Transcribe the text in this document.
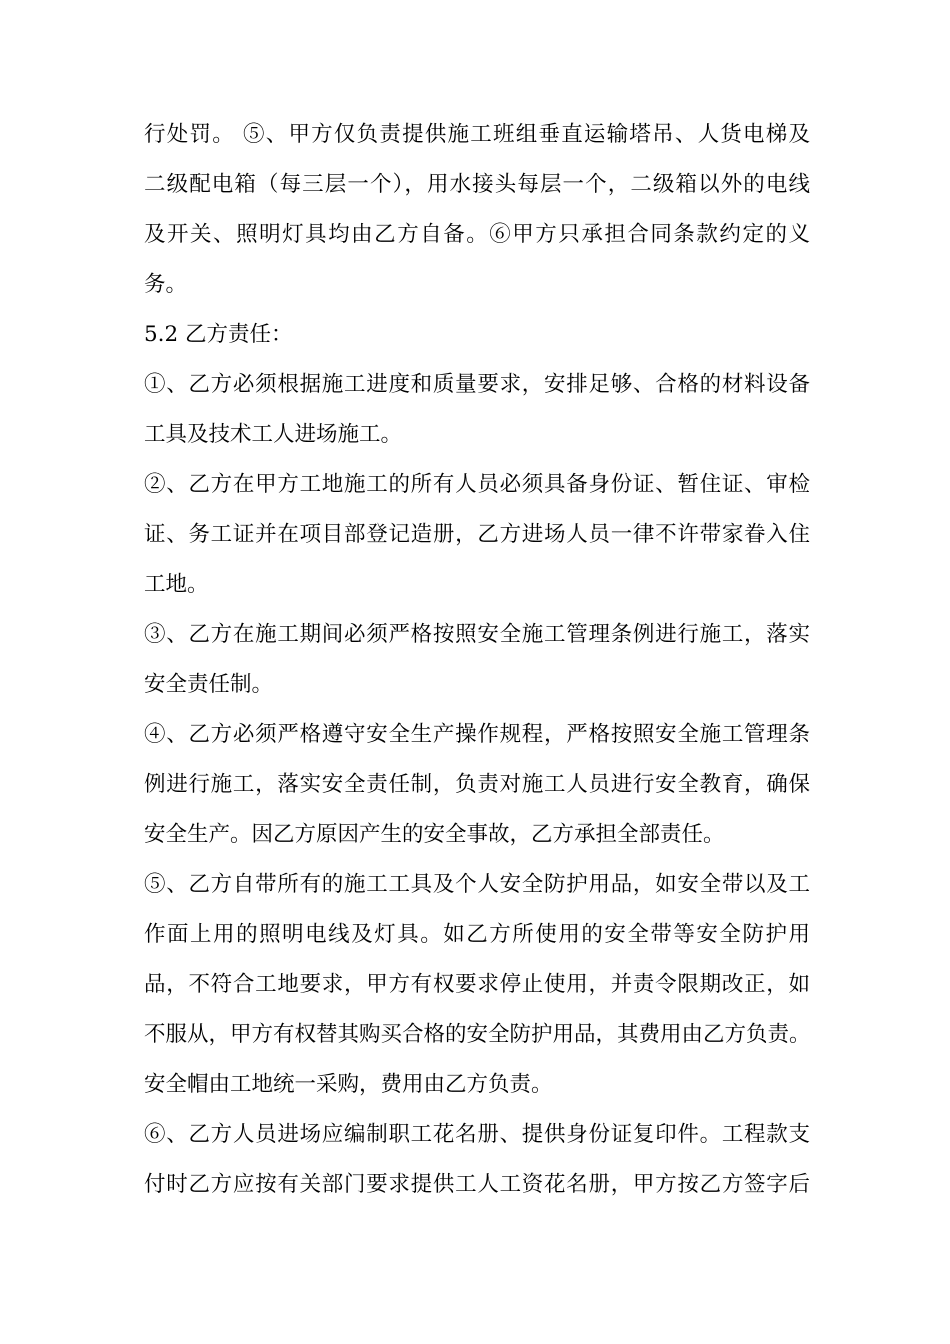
行处罚。 ⑤、甲方仅负责提供施工班组垂直运输塔吊、人货电梯及
二级配电箱（每三层一个），用水接头每层一个，二级箱以外的电线
及开关、照明灯具均由乙方自备。⑥甲方只承担合同条款约定的义
务。
5.2 乙方责任：
①、乙方必须根据施工进度和质量要求，安排足够、合格的材料设备
工具及技术工人进场施工。
②、乙方在甲方工地施工的所有人员必须具备身份证、暂住证、审检
证、务工证并在项目部登记造册，乙方进场人员一律不许带家眷入住
工地。
③、乙方在施工期间必须严格按照安全施工管理条例进行施工，落实
安全责任制。
④、乙方必须严格遵守安全生产操作规程，严格按照安全施工管理条
例进行施工，落实安全责任制，负责对施工人员进行安全教育，确保
安全生产。因乙方原因产生的安全事故，乙方承担全部责任。
⑤、乙方自带所有的施工工具及个人安全防护用品，如安全带以及工
作面上用的照明电线及灯具。如乙方所使用的安全带等安全防护用
品，不符合工地要求，甲方有权要求停止使用，并责令限期改正，如
不服从，甲方有权替其购买合格的安全防护用品，其费用由乙方负责。
安全帽由工地统一采购，费用由乙方负责。
⑥、乙方人员进场应编制职工花名册、提供身份证复印件。工程款支
付时乙方应按有关部门要求提供工人工资花名册，甲方按乙方签字后
